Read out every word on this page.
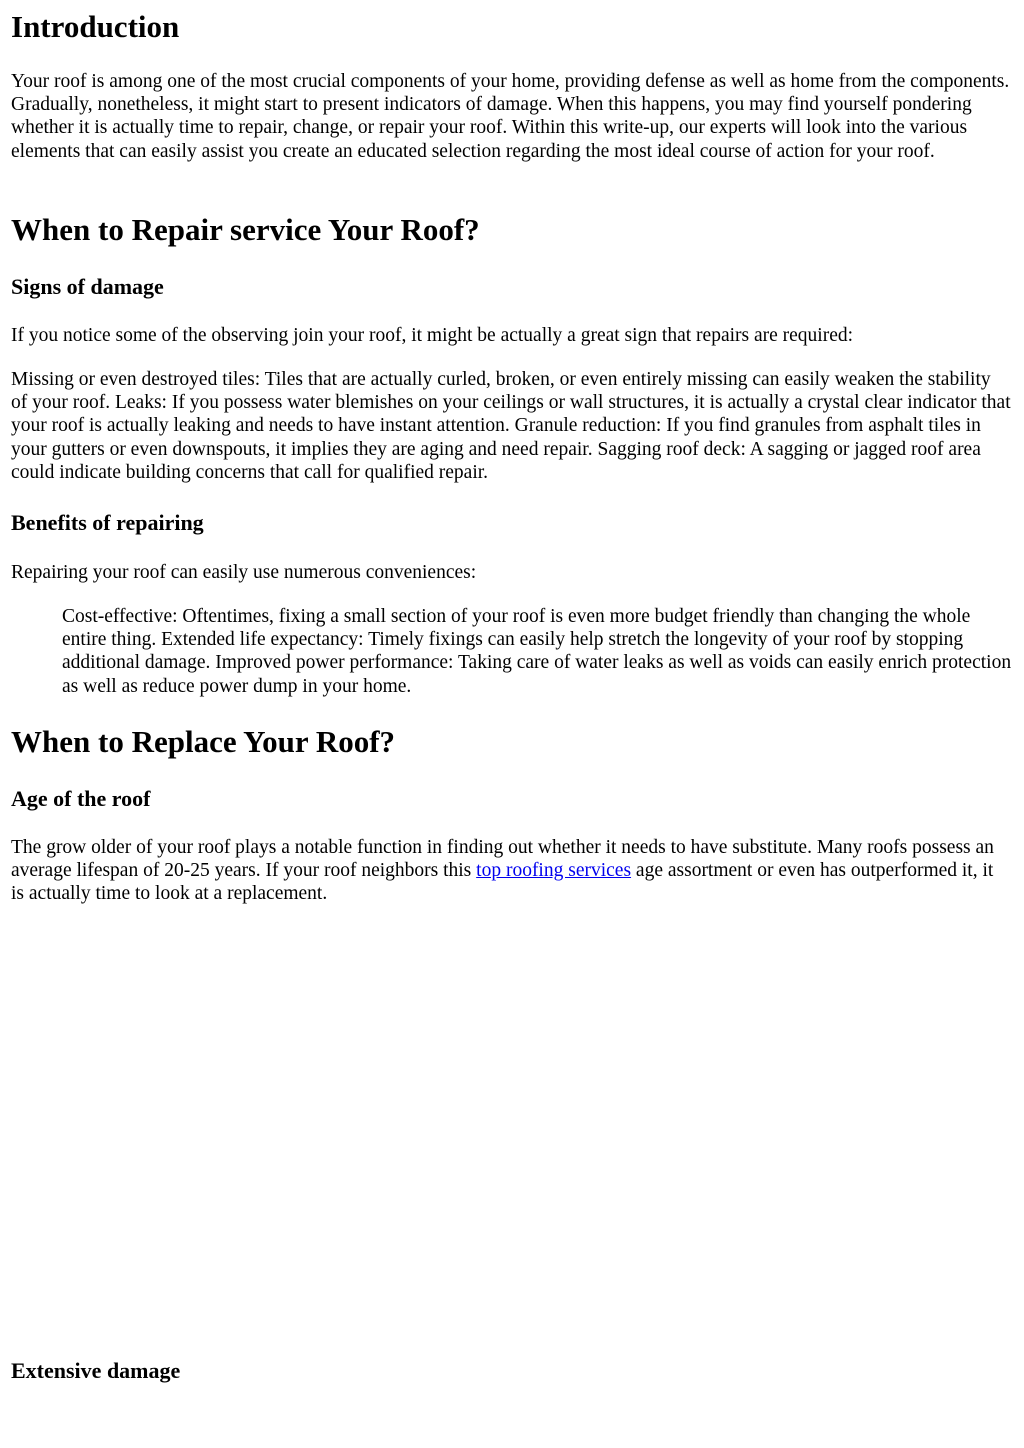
Introduction

Your roof is among one of the most crucial components of your home, providing defense as well as home from the components. Gradually, nonetheless, it might start to present indicators of damage. When this happens, you may find yourself pondering whether it is actually time to repair, change, or repair your roof. Within this write-up, our experts will look into the various elements that can easily assist you create an educated selection regarding the most ideal course of action for your roof.

When to Repair service Your Roof?
Signs of damage

If you notice some of the observing join your roof, it might be actually a great sign that repairs are required:

Missing or even destroyed tiles: Tiles that are actually curled, broken, or even entirely missing can easily weaken the stability of your roof. Leaks: If you possess water blemishes on your ceilings or wall structures, it is actually a crystal clear indicator that your roof is actually leaking and needs to have instant attention. Granule reduction: If you find granules from asphalt tiles in your gutters or even downspouts, it implies they are aging and need repair. Sagging roof deck: A sagging or jagged roof area could indicate building concerns that call for qualified repair.

Benefits of repairing

Repairing your roof can easily use numerous conveniences:

Cost-effective: Oftentimes, fixing a small section of your roof is even more budget friendly than changing the whole entire thing. Extended life expectancy: Timely fixings can easily help stretch the longevity of your roof by stopping additional damage. Improved power performance: Taking care of water leaks as well as voids can easily enrich protection as well as reduce power dump in your home.

When to Replace Your Roof?
Age of the roof

The grow older of your roof plays a notable function in finding out whether it needs to have substitute. Many roofs possess an average lifespan of 20-25 years. If your roof neighbors this top roofing services age assortment or even has outperformed it, it is actually time to look at a replacement.

Extensive damage
